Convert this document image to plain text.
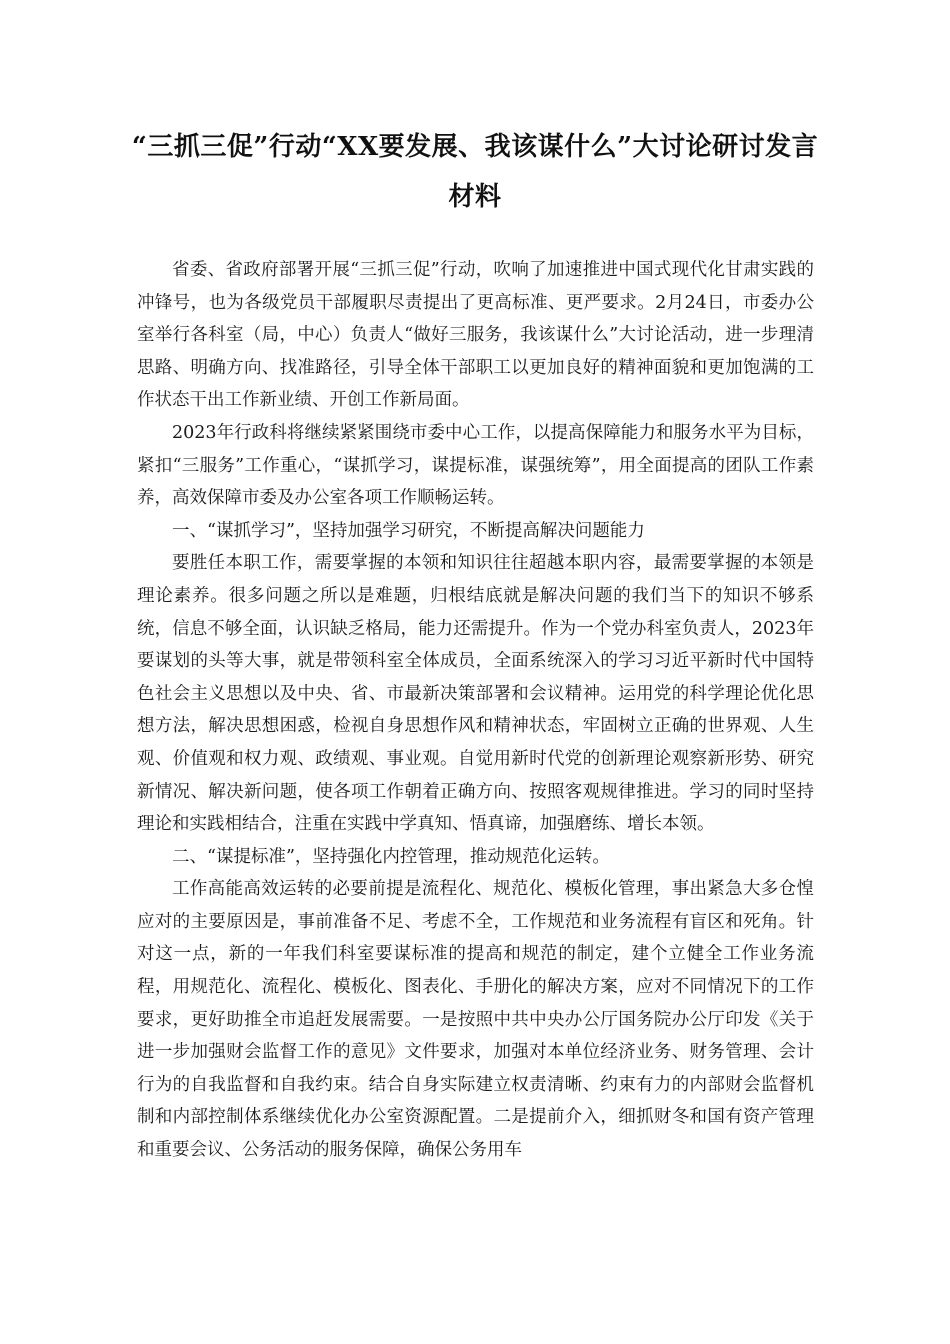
“三抓三促”行动“XX要发展、我该谋什么”大讨论研讨发言材料

省委、省政府部署开展“三抓三促”行动，吹响了加速推进中国式现代化甘肃实践的冲锋号，也为各级党员干部履职尽责提出了更高标准、更严要求。2月24日，市委办公室举行各科室（局，中心）负责人“做好三服务，我该谋什么”大讨论活动，进一步理清思路、明确方向、找准路径，引导全体干部职工以更加良好的精神面貌和更加饱满的工作状态干出工作新业绩、开创工作新局面。

2023年行政科将继续紧紧围绕市委中心工作，以提高保障能力和服务水平为目标，紧扣“三服务”工作重心，“谋抓学习，谋提标准，谋强统筹”，用全面提高的团队工作素养，高效保障市委及办公室各项工作顺畅运转。

一、“谋抓学习”，坚持加强学习研究，不断提高解决问题能力

要胜任本职工作，需要掌握的本领和知识往往超越本职内容，最需要掌握的本领是理论素养。很多问题之所以是难题，归根结底就是解决问题的我们当下的知识不够系统，信息不够全面，认识缺乏格局，能力还需提升。作为一个党办科室负责人，2023年要谋划的头等大事，就是带领科室全体成员，全面系统深入的学习习近平新时代中国特色社会主义思想以及中央、省、市最新决策部署和会议精神。运用党的科学理论优化思想方法，解决思想困惑，检视自身思想作风和精神状态，牢固树立正确的世界观、人生观、价值观和权力观、政绩观、事业观。自觉用新时代党的创新理论观察新形势、研究新情况、解决新问题，使各项工作朝着正确方向、按照客观规律推进。学习的同时坚持理论和实践相结合，注重在实践中学真知、悟真谛，加强磨练、增长本领。

二、“谋提标准”，坚持强化内控管理，推动规范化运转。

工作高能高效运转的必要前提是流程化、规范化、模板化管理，事出紧急大多仓惶应对的主要原因是，事前准备不足、考虑不全，工作规范和业务流程有盲区和死角。针对这一点，新的一年我们科室要谋标准的提高和规范的制定，建个立健全工作业务流程，用规范化、流程化、模板化、图表化、手册化的解决方案，应对不同情况下的工作要求，更好助推全市追赶发展需要。一是按照中共中央办公厅国务院办公厅印发《关于进一步加强财会监督工作的意见》文件要求，加强对本单位经济业务、财务管理、会计行为的自我监督和自我约束。结合自身实际建立权责清晰、约束有力的内部财会监督机制和内部控制体系继续优化办公室资源配置。二是提前介入，细抓财冬和国有资产管理和重要会议、公务活动的服务保障，确保公务用车
